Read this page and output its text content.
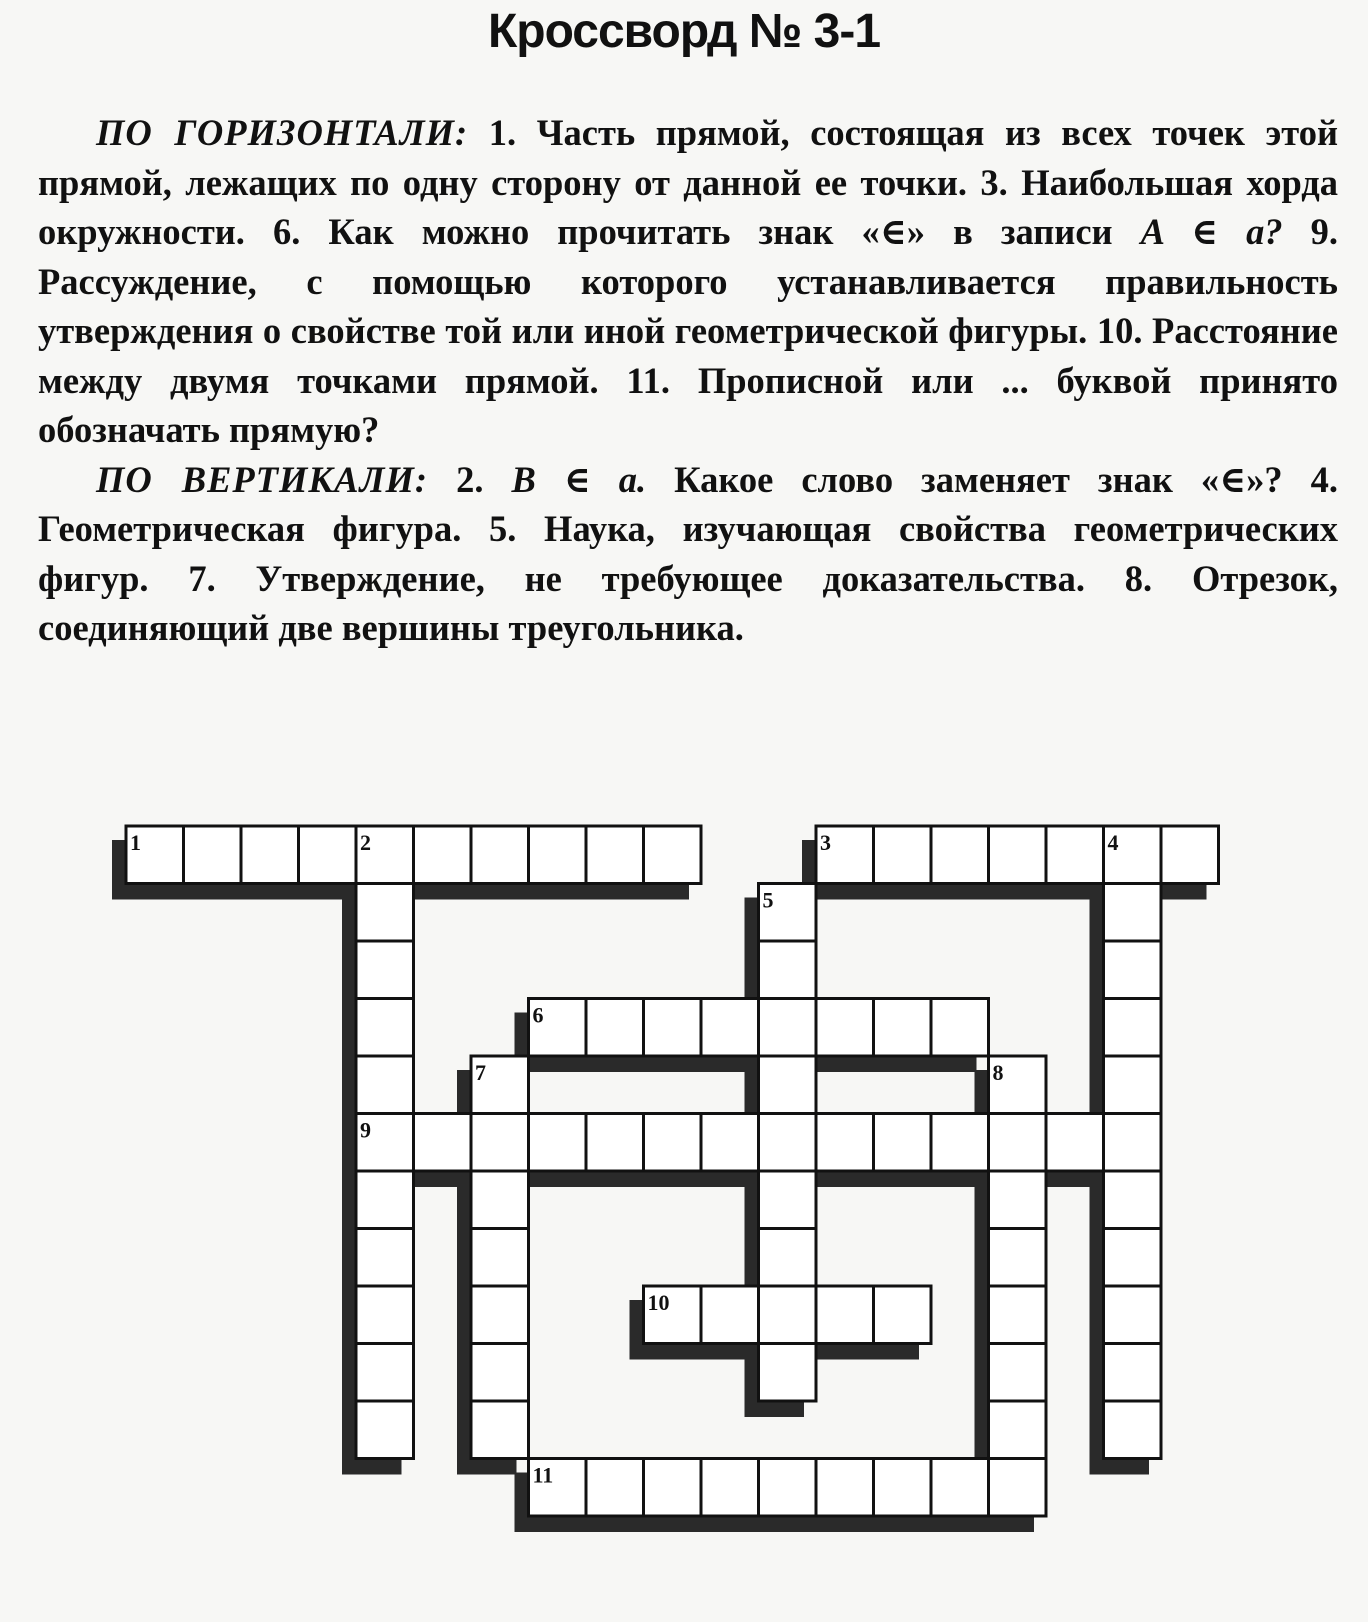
Кроссворд № 3-1

ПО ГОРИЗОНТАЛИ: 1. Часть прямой, состоящая из всех точек этой прямой, лежащих по одну сторону от данной ее точки. 3. Наибольшая хорда окружности. 6. Как можно прочитать знак «∈» в записи A ∈ a? 9. Рассуждение, с помощью которого устанавливается правильность утверждения о свойстве той или иной геометрической фигуры. 10. Расстояние между двумя точками прямой. 11. Прописной или ... буквой принято обозначать прямую?

ПО ВЕРТИКАЛИ: 2. B ∈ a. Какое слово заменяет знак «∈»? 4. Геометрическая фигура. 5. Наука, изучающая свойства геометрических фигур. 7. Утверждение, не требующее доказательства. 8. Отрезок, соединяющий две вершины треугольника.

1	2	3	4
5
6
7	8
9
10
11
